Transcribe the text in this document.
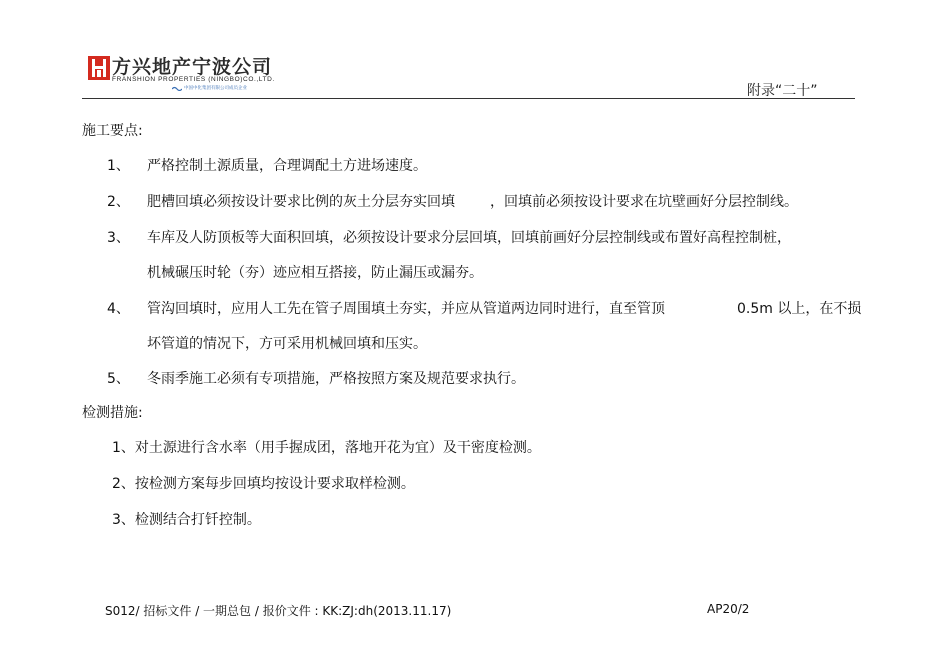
方兴地产宁波公司
FRANSHION PROPERTIES (NINGBO)CO.,LTD.
中国中化集团有限公司成员企业	附录“二十”
施工要点:
1、 严格控制土源质量，合理调配土方进场速度。
2、 肥槽回填必须按设计要求比例的灰土分层夯实回填	，回填前必须按设计要求在坑壁画好分层控制线。
3、 车库及人防顶板等大面积回填，必须按设计要求分层回填，回填前画好分层控制线或布置好高程控制桩，
机械碾压时轮（夯）迹应相互搭接，防止漏压或漏夯。
4、 管沟回填时，应用人工先在管子周围填土夯实，并应从管道两边同时进行，直至管顶	0.5m 以上，在不损
坏管道的情况下，方可采用机械回填和压实。
5、 冬雨季施工必须有专项措施，严格按照方案及规范要求执行。
检测措施:
1、对土源进行含水率（用手握成团，落地开花为宜）及干密度检测。
2、按检测方案每步回填均按设计要求取样检测。
3、检测结合打钎控制。
S012/ 招标文件 / 一期总包 / 报价文件 : KK:ZJ:dh(2013.11.17)	AP20/2
